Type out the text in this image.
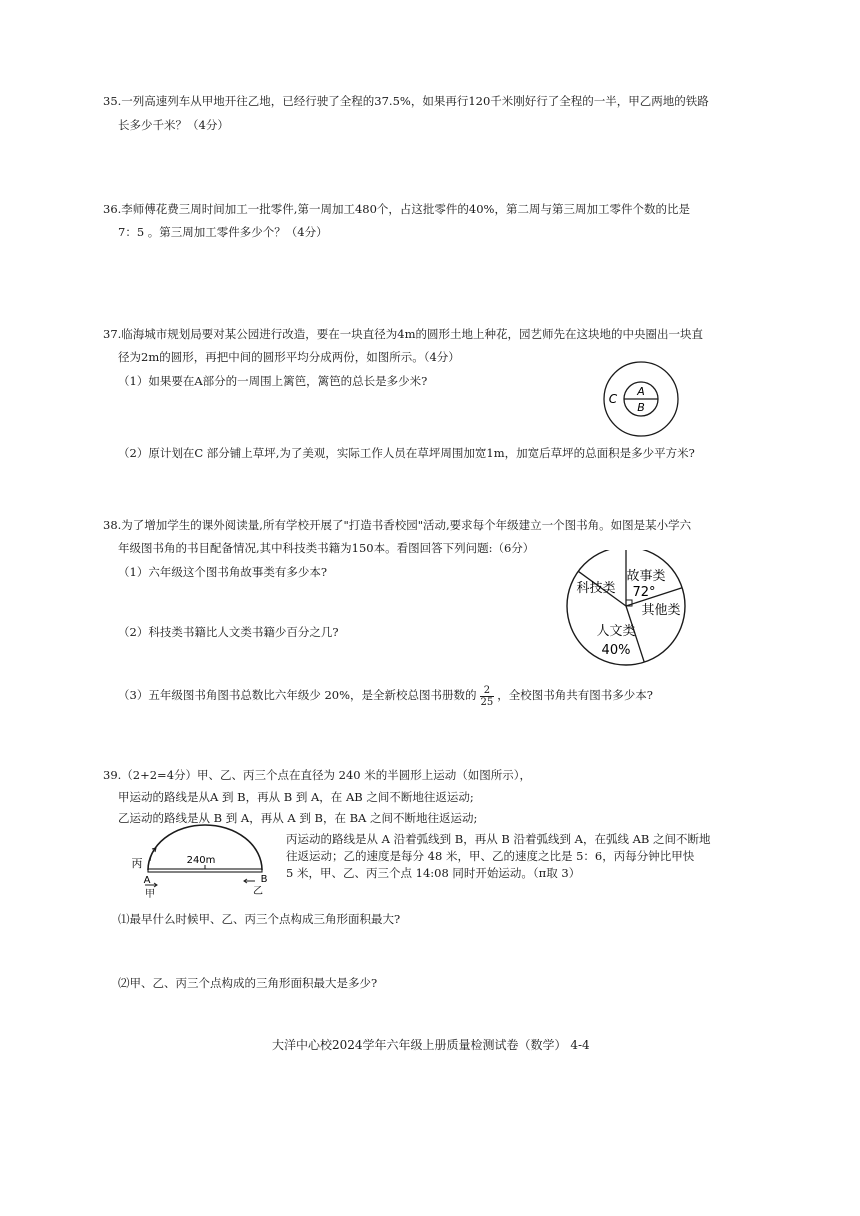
35.一列高速列车从甲地开往乙地，已经行驶了全程的37.5%，如果再行120千米刚好行了全程的一半，甲乙两地的铁路
长多少千米？（4分）
36.李师傅花费三周时间加工一批零件,第一周加工480个，占这批零件的40%，第二周与第三周加工零件个数的比是
7：5 。第三周加工零件多少个？（4分）
37.临海城市规划局要对某公园进行改造，要在一块直径为4m的圆形土地上种花，园艺师先在这块地的中央圈出一块直
径为2m的圆形，再把中间的圆形平均分成两份，如图所示。（4分）
（1）如果要在A部分的一周围上篱笆，篱笆的总长是多少米?
（2）原计划在C 部分铺上草坪,为了美观，实际工作人员在草坪周围加宽1m，加宽后草坪的总面积是多少平方米?
A
B
C
38.为了增加学生的课外阅读量,所有学校开展了"打造书香校园"活动,要求每个年级建立一个图书角。如图是某小学六
年级图书角的书目配备情况,其中科技类书籍为150本。看图回答下列问题:（6分）
（1）六年级这个图书角故事类有多少本?
（2）科技类书籍比人文类书籍少百分之几?
（3）五年级图书角图书总数比六年级少 20%，是全新校总图书册数的 $\frac{2}{25}$ ，全校图书角共有图书多少本?
科技类
故事类
72°
其他类
人文类
40%
39.（2+2=4分）甲、乙、丙三个点在直径为 240 米的半圆形上运动（如图所示），
甲运动的路线是从A 到 B，再从 B 到 A，在 AB 之间不断地往返运动;
乙运动的路线是从 B 到 A，再从 A 到 B，在 BA 之间不断地往返运动;
丙运动的路线是从 A 沿着弧线到 B，再从 B 沿着弧线到 A，在弧线 AB 之间不断地
往返运动；乙的速度是每分 48 米，甲、乙的速度之比是 5：6，丙每分钟比甲快
5 米，甲、乙、丙三个点 14:08 同时开始运动。（π取 3）
⑴最早什么时候甲、乙、丙三个点构成三角形面积最大?
⑵甲、乙、丙三个点构成的三角形面积最大是多少?
240m
丙
A	B
甲	乙
大洋中心校2024学年六年级上册质量检测试卷（数学） 4-4
